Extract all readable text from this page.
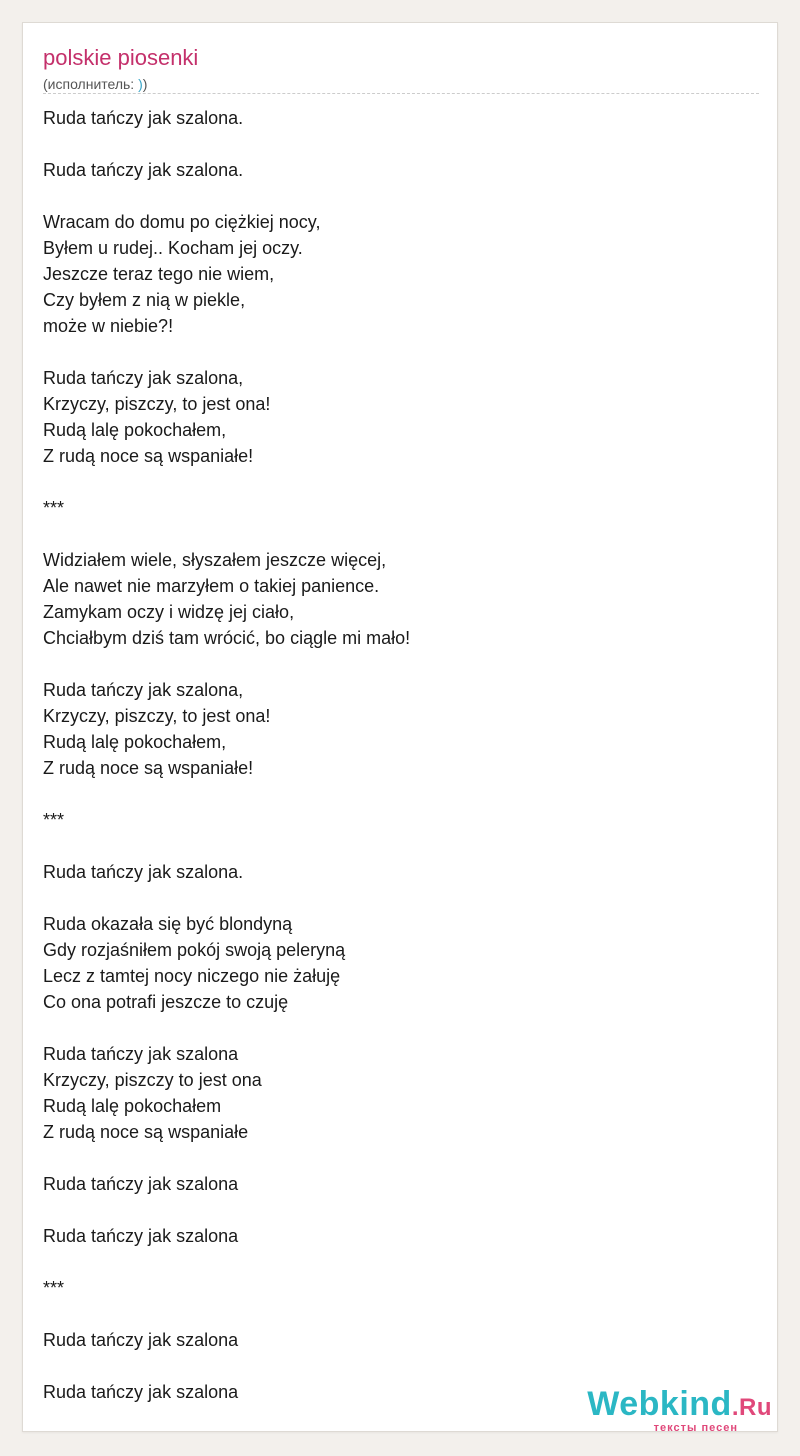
polskie piosenki
(исполнитель: ))
Ruda tańczy jak szalona.
Ruda tańczy jak szalona.
Wracam do domu po ciężkiej nocy,
Byłem u rudej.. Kocham jej oczy.
Jeszcze teraz tego nie wiem,
Czy byłem z nią w piekle,
może w niebie?!
Ruda tańczy jak szalona,
Krzyczy, piszczy, to jest ona!
Rudą lalę pokochałem,
Z rudą noce są wspaniałe!
***
Widziałem wiele, słyszałem jeszcze więcej,
Ale nawet nie marzyłem o takiej panience.
Zamykam oczy i widzę jej ciało,
Chciałbym dziś tam wrócić, bo ciągle mi mało!
Ruda tańczy jak szalona,
Krzyczy, piszczy, to jest ona!
Rudą lalę pokochałem,
Z rudą noce są wspaniałe!
***
Ruda tańczy jak szalona.
Ruda okazała się być blondyną
Gdy rozjaśniłem pokój swoją peleryną
Lecz z tamtej nocy niczego nie żałuję
Co ona potrafi jeszcze to czuję
Ruda tańczy jak szalona
Krzyczy, piszczy to jest ona
Rudą lalę pokochałem
Z rudą noce są wspaniałe
Ruda tańczy jak szalona
Ruda tańczy jak szalona
***
Ruda tańczy jak szalona
Ruda tańczy jak szalona	Webkind.Ru
тексты песен
